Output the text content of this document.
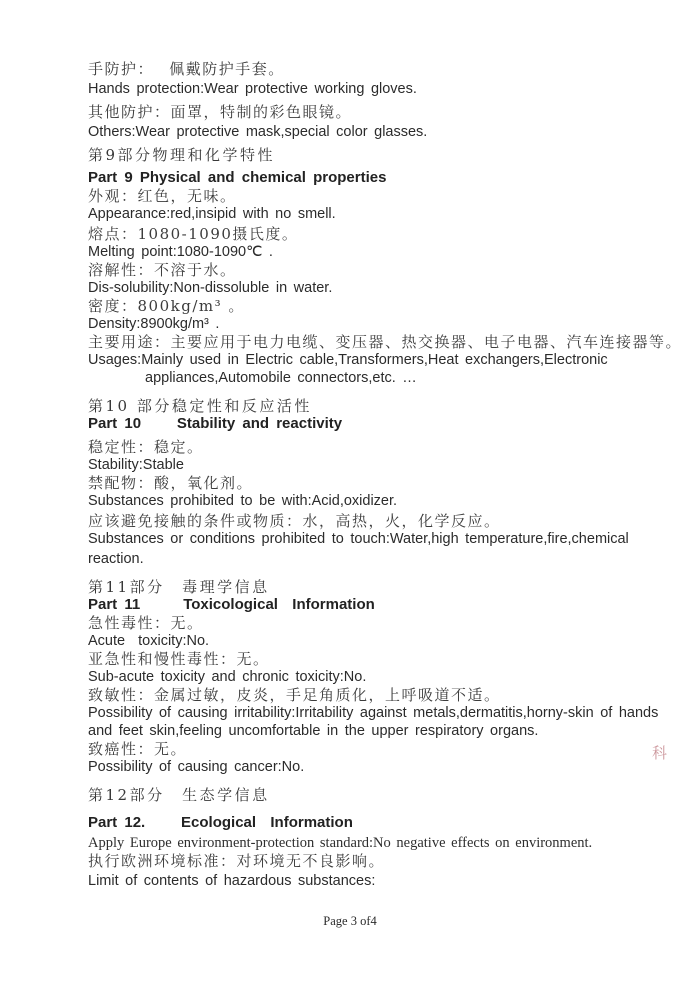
手防护：　 佩戴防护手套。

Hands protection:Wear protective working gloves.

其他防护：面罩，特制的彩色眼镜。

Others:Wear protective mask,special color glasses.

第9部分物理和化学特性

Part 9 Physical and chemical properties

外观：红色，无味。

Appearance:red,insipid with no smell.

熔点：1080-1090摄氏度。

Melting point:1080-1090℃ .

溶解性：不溶于水。

Dis-solubility:Non-dissoluble in water.

密度：800kg/m³ 。

Density:8900kg/m³ .

主要用途：主要应用于电力电缆、变压器、热交换器、电子电器、汽车连接器等。

Usages:Mainly used in Electric cable,Transformers,Heat exchangers,Electronic

appliances,Automobile connectors,etc. …

第10 部分稳定性和反应活性

Part 10     Stability and reactivity

稳定性：稳定。

Stability:Stable

禁配物：酸，氧化剂。

Substances prohibited to be with:Acid,oxidizer.

应该避免接触的条件或物质：水，高热，火，化学反应。

Substances or conditions prohibited to touch:Water,high temperature,fire,chemical

reaction.

第11部分　毒理学信息

Part 11      Toxicological  Information

急性毒性：无。

Acute  toxicity:No.

亚急性和慢性毒性：无。

Sub-acute toxicity and chronic toxicity:No.

致敏性：金属过敏，皮炎，手足角质化，上呼吸道不适。

Possibility of causing irritability:Irritability against metals,dermatitis,horny-skin of hands

and feet skin,feeling uncomfortable in the upper respiratory organs.

致癌性：无。

Possibility of causing cancer:No.

第12部分　生态学信息

Part 12.     Ecological  Information

Apply Europe environment-protection standard:No negative effects on environment.

执行欧洲环境标准：对环境无不良影响。

Limit of contents of hazardous substances:

科
Page 3 of4
